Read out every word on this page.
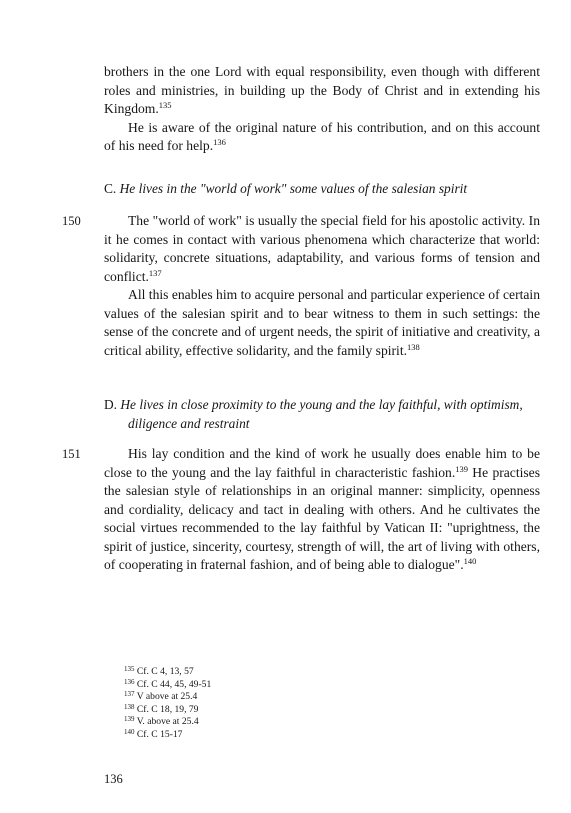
brothers in the one Lord with equal responsibility, even though with different roles and ministries, in building up the Body of Christ and in extending his Kingdom.$^{135}$

He is aware of the original nature of his contribution, and on this account of his need for help.$^{136}$

C. He lives in the "world of work" some values of the salesian spirit
150	The "world of work" is usually the special field for his apostolic activity. In it he comes in contact with various phenomena which characterize that world: solidarity, concrete situations, adaptability, and various forms of tension and conflict.$^{137}$

All this enables him to acquire personal and particular experience of certain values of the salesian spirit and to bear witness to them in such settings: the sense of the concrete and of urgent needs, the spirit of initiative and creativity, a critical ability, effective solidarity, and the family spirit.$^{138}$

D. He lives in close proximity to the young and the lay faithful, with optimism, diligence and restraint
151	His lay condition and the kind of work he usually does enable him to be close to the young and the lay faithful in characteristic fashion.$^{139}$ He practises the salesian style of relationships in an original manner: simplicity, openness and cordiality, delicacy and tact in dealing with others. And he cultivates the social virtues recommended to the lay faithful by Vatican II: "uprightness, the spirit of justice, sincerity, courtesy, strength of will, the art of living with others, of cooperating in fraternal fashion, and of being able to dialogue".$^{140}$

$^{135}$ Cf. C 4, 13, 57
$^{136}$ Cf. C 44, 45, 49-51
$^{137}$ V above at 25.4
$^{138}$ Cf. C 18, 19, 79
$^{139}$ V. above at 25.4
$^{140}$ Cf. C 15-17
136
